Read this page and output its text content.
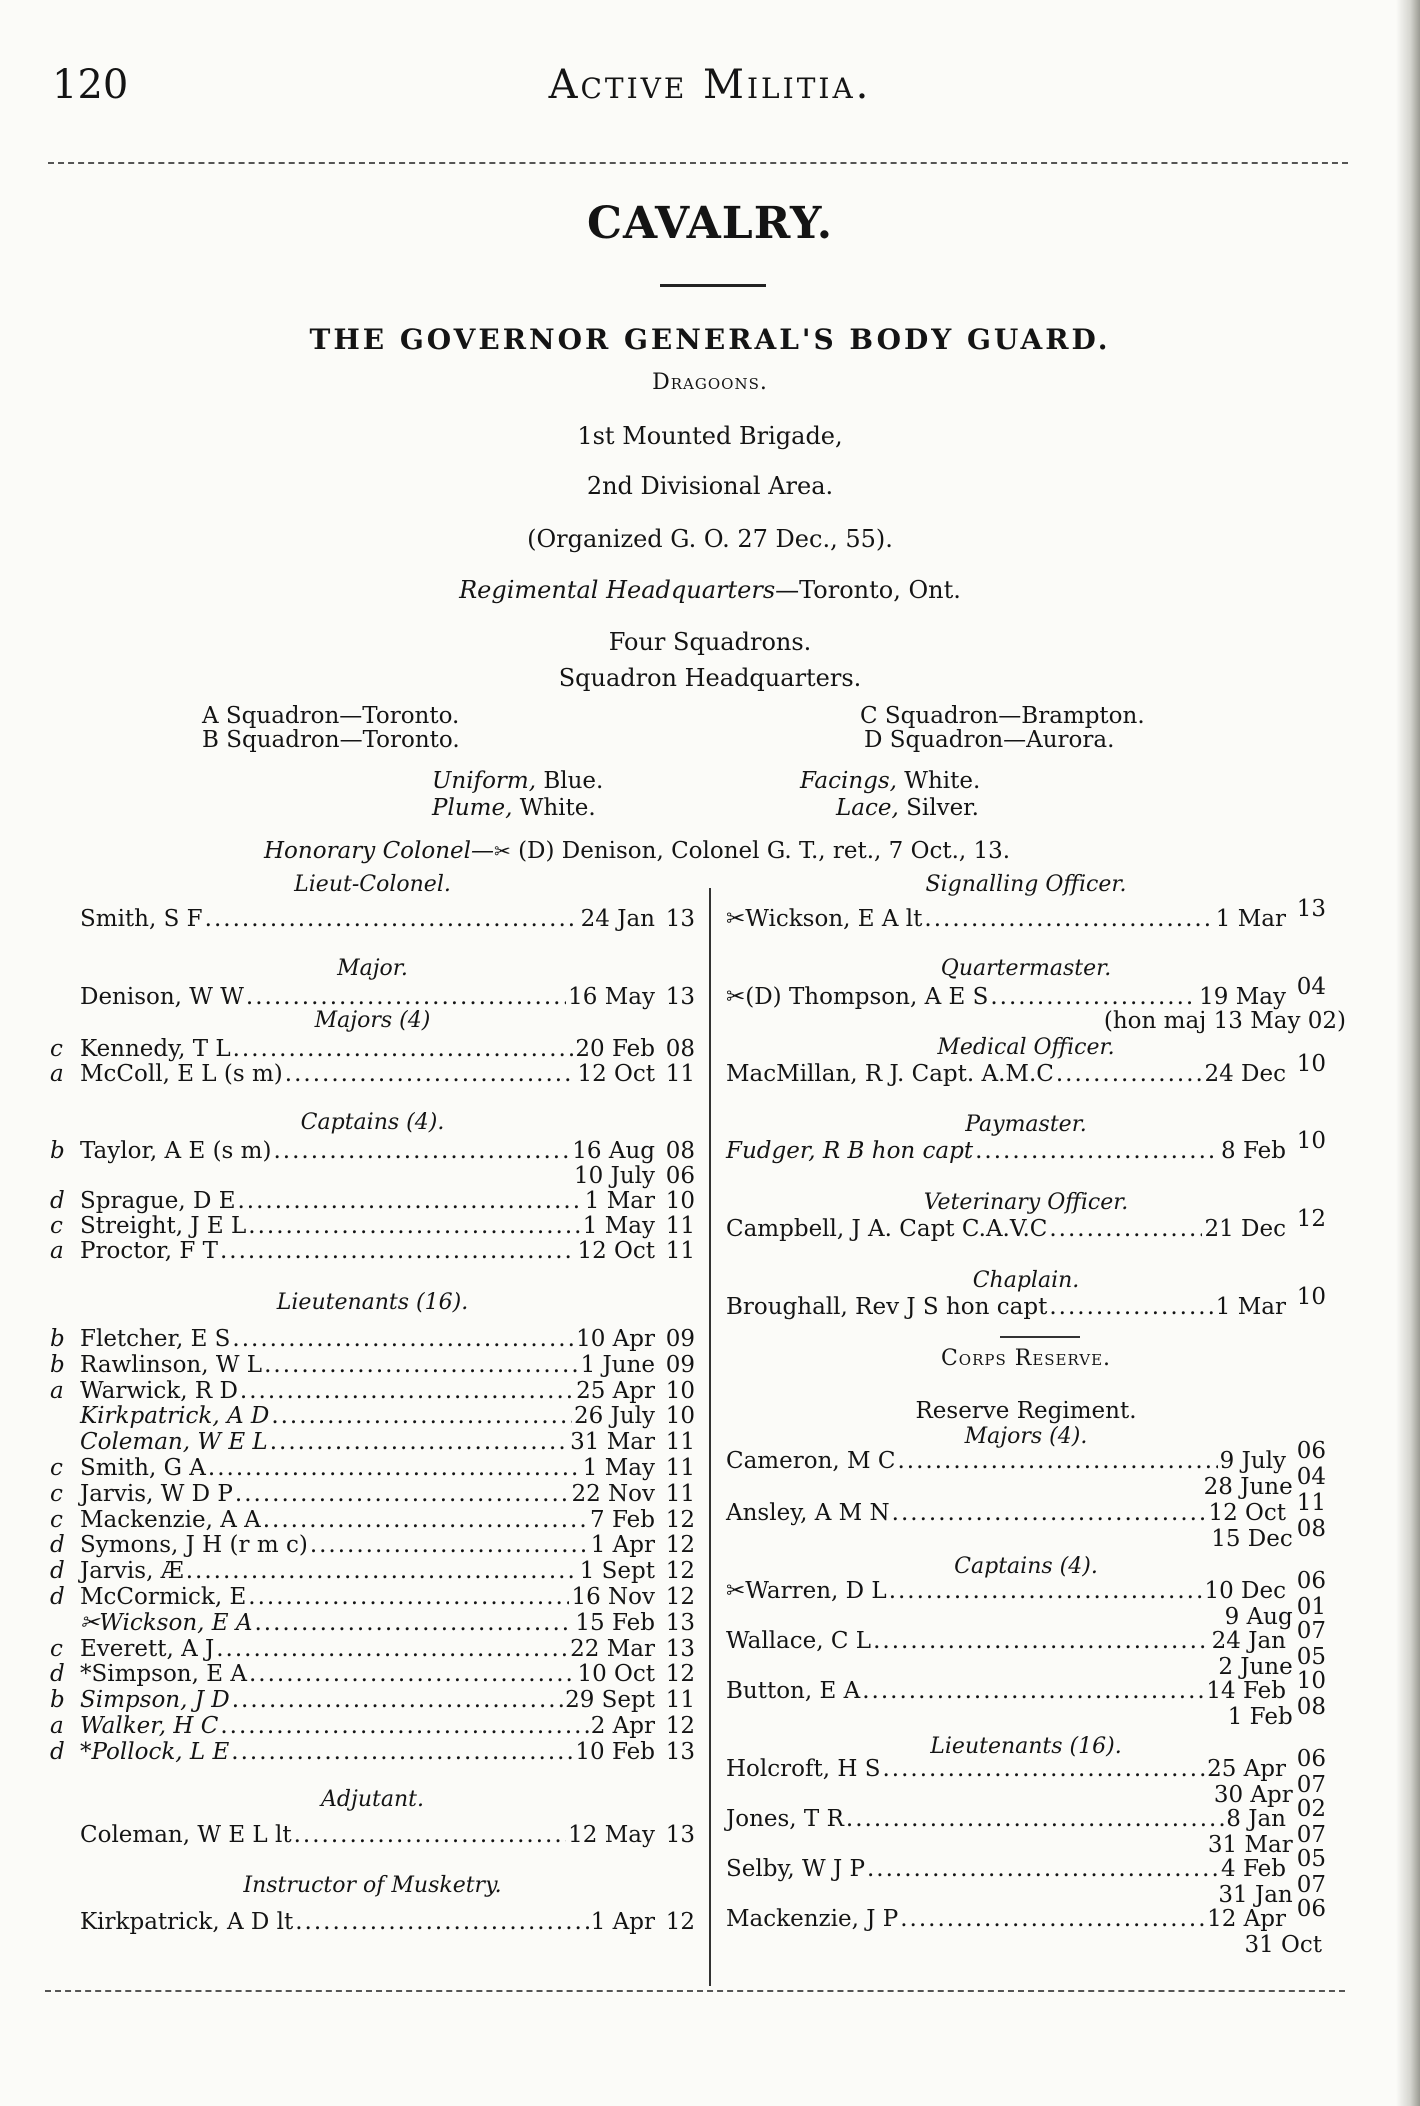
120	Active Militia.
CAVALRY.
THE GOVERNOR GENERAL'S BODY GUARD.
Dragoons.
1st Mounted Brigade,
2nd Divisional Area.
(Organized G. O. 27 Dec., 55).
Regimental Headquarters—Toronto, Ont.
Four Squadrons.
Squadron Headquarters.
A Squadron—Toronto.
B Squadron—Toronto.
C Squadron—Brampton.
D Squadron—Aurora.
Uniform, Blue.
Plume, White.
Facings, White.
Lace, Silver.
Honorary Colonel—✂ (D) Denison, Colonel G. T., ret., 7 Oct., 13.
Lieut-Colonel.
Smith, S F .....	24 Jan 13
Major.
Denison, W W .....	16 May 13
Majors (4)
c Kennedy, T L .....	20 Feb 08
a McColl, E L (s m) .....	12 Oct 11
Captains (4).
b Taylor, A E (s m) .....	16 Aug 08
10 July 06
d Sprague, D E .....	1 Mar 10
c Streight, J E L .....	1 May 11
a Proctor, F T .....	12 Oct 11
Lieutenants (16).
b Fletcher, E S .....	10 Apr 09
b Rawlinson, W L .....	1 June 09
a Warwick, R D .....	25 Apr 10
Kirkpatrick, A D .....	26 July 10
Coleman, W E L .....	31 Mar 11
c Smith, G A .....	1 May 11
c Jarvis, W D P .....	22 Nov 11
c Mackenzie, A A .....	7 Feb 12
d Symons, J H (r m c) .....	1 Apr 12
d Jarvis, Æ .....	1 Sept 12
d McCormick, E .....	16 Nov 12
✂Wickson, E A .....	15 Feb 13
c Everett, A J .....	22 Mar 13
d *Simpson, E A .....	10 Oct 12
b Simpson, J D .....	29 Sept 11
a Walker, H C .....	2 Apr 12
d *Pollock, L E .....	10 Feb 13
Adjutant.
Coleman, W E L lt .....	12 May 13
Instructor of Musketry.
Kirkpatrick, A D lt .....	1 Apr 12
Signalling Officer.
✂Wickson, E A lt .....	1 Mar 13
Quartermaster.
✂(D) Thompson, A E S .....	19 May 04
(hon maj 13 May 02)
Medical Officer.
MacMillan, R J. Capt. A.M.C .....	24 Dec 10
Paymaster.
Fudger, R B hon capt .....	8 Feb 10
Veterinary Officer.
Campbell, J A. Capt C.A.V.C .....	21 Dec 12
Chaplain.
Broughall, Rev J S hon capt .....	1 Mar 10
Corps Reserve.
Reserve Regiment.
Majors (4).
Cameron, M C .....	9 July 06
28 June 04
Ansley, A M N .....	12 Oct 11
15 Dec 08
Captains (4).
✂Warren, D L .....	10 Dec 06
9 Aug 01
Wallace, C L .....	24 Jan 07
2 June 05
Button, E A .....	14 Feb 10
1 Feb 08
Lieutenants (16).
Holcroft, H S .....	25 Apr 06
30 Apr 07
Jones, T R .....	8 Jan 02
31 Mar 07
Selby, W J P .....	4 Feb 05
31 Jan 07
Mackenzie, J P .....	12 Apr 06
31 Oct
